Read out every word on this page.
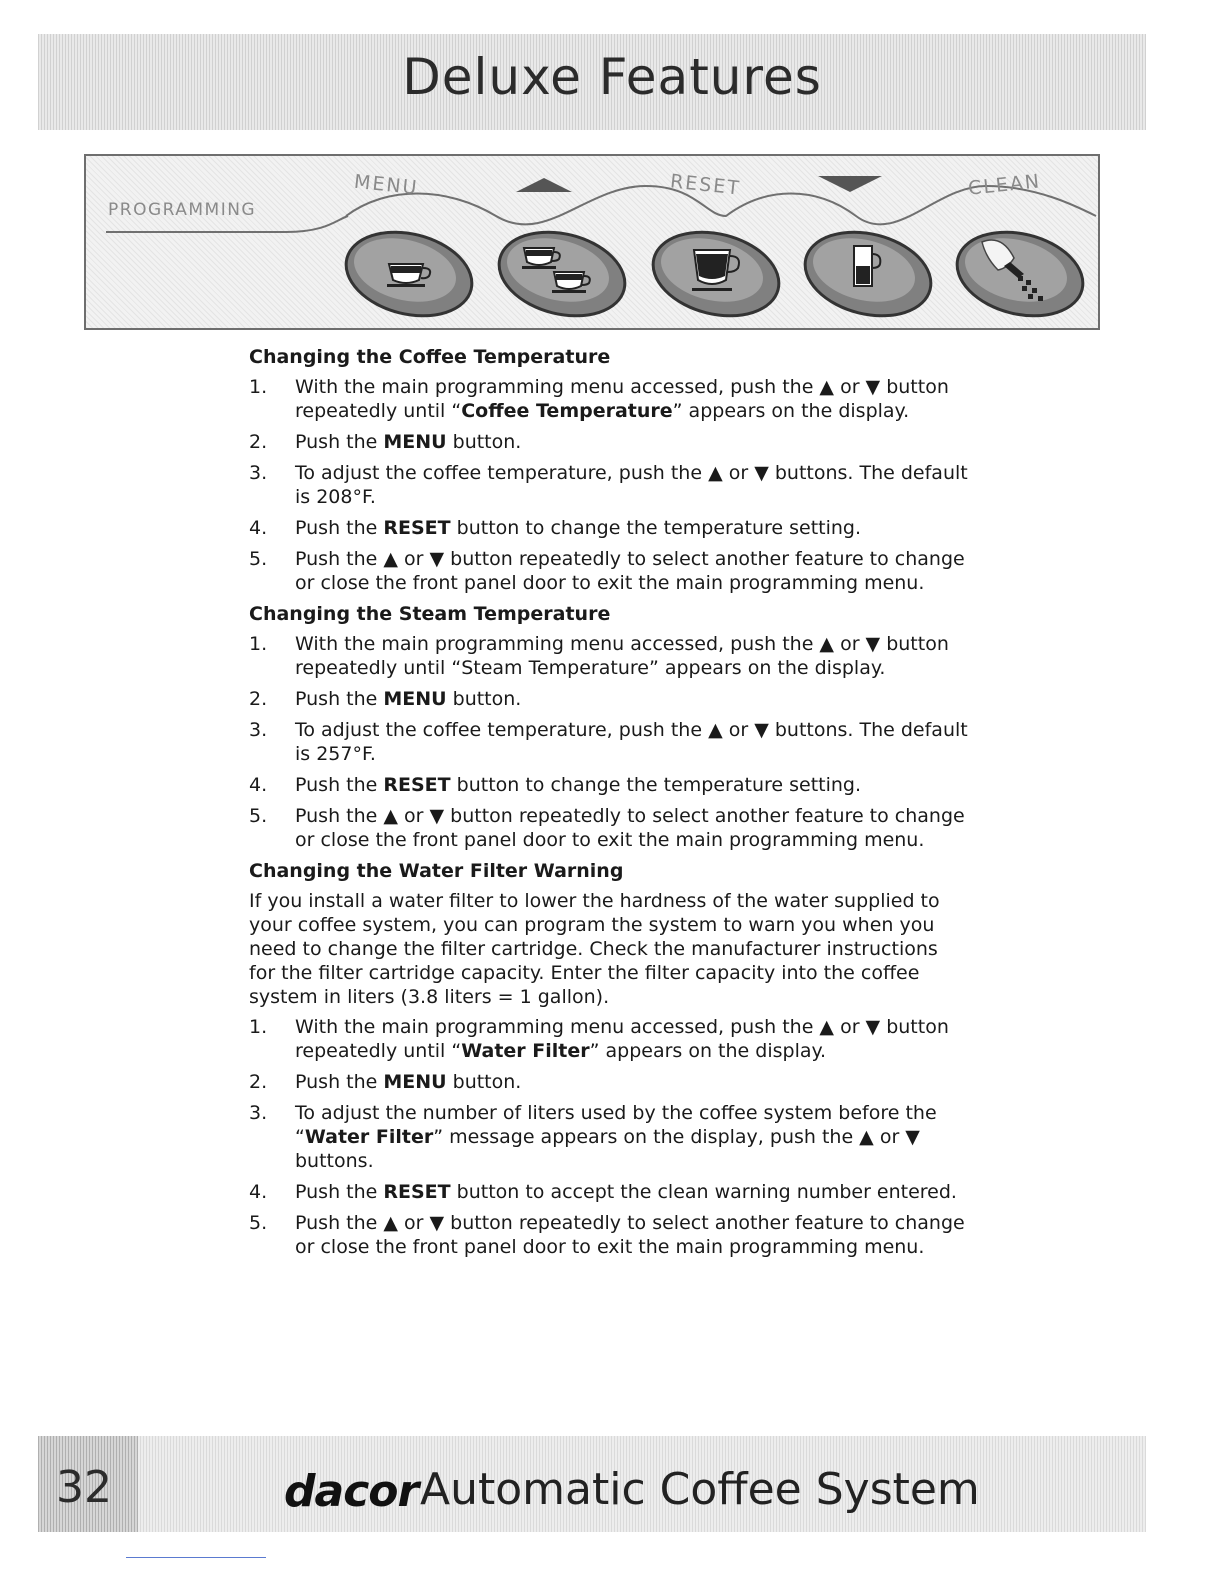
Deluxe Features
PROGRAMMING
MENU	RESET	CLEAN
Changing the Coffee Temperature
1. With the main programming menu accessed, push the ▲ or ▼ button repeatedly until “Coffee Temperature” appears on the display.
2. Push the MENU button.
3. To adjust the coffee temperature, push the ▲ or ▼ buttons. The default is 208°F.
4. Push the RESET button to change the temperature setting.
5. Push the ▲ or ▼ button repeatedly to select another feature to change or close the front panel door to exit the main programming menu.
Changing the Steam Temperature
1. With the main programming menu accessed, push the ▲ or ▼ button repeatedly until “Steam Temperature” appears on the display.
2. Push the MENU button.
3. To adjust the coffee temperature, push the ▲ or ▼ buttons. The default is 257°F.
4. Push the RESET button to change the temperature setting.
5. Push the ▲ or ▼ button repeatedly to select another feature to change or close the front panel door to exit the main programming menu.
Changing the Water Filter Warning
If you install a water filter to lower the hardness of the water supplied to your coffee system, you can program the system to warn you when you need to change the filter cartridge. Check the manufacturer instructions for the filter cartridge capacity. Enter the filter capacity into the coffee system in liters (3.8 liters = 1 gallon).
1. With the main programming menu accessed, push the ▲ or ▼ button repeatedly until “Water Filter” appears on the display.
2. Push the MENU button.
3. To adjust the number of liters used by the coffee system before the “Water Filter” message appears on the display, push the ▲ or ▼ buttons.
4. Push the RESET button to accept the clean warning number entered.
5. Push the ▲ or ▼ button repeatedly to select another feature to change or close the front panel door to exit the main programming menu.
32	dacor Automatic Coffee System
